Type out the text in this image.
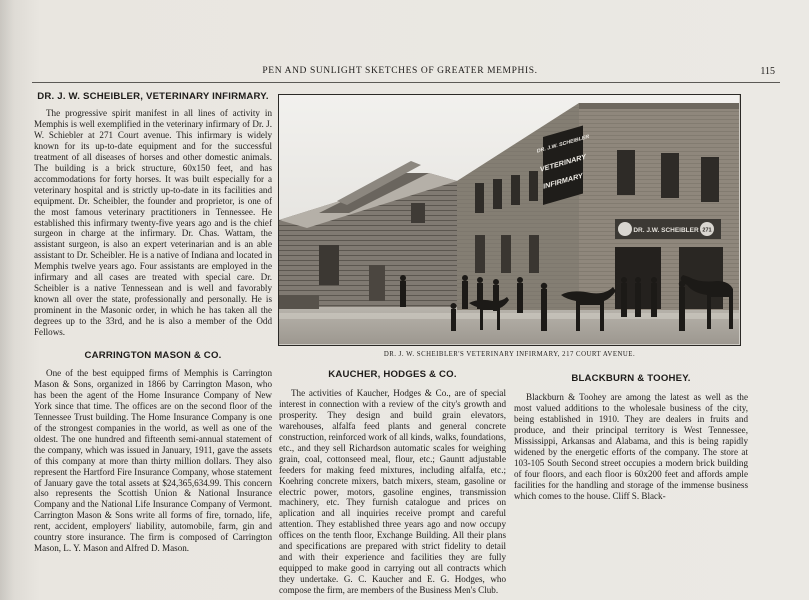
PEN AND SUNLIGHT SKETCHES OF GREATER MEMPHIS.	115
DR. J. W. SCHEIBLER, VETERINARY INFIRMARY.

The progressive spirit manifest in all lines of activity in Memphis is well exemplified in the veterinary infirmary of Dr. J. W. Schiebler at 271 Court avenue. This infirmary is widely known for its up-to-date equipment and for the successful treatment of all diseases of horses and other domestic animals. The building is a brick structure, 60x150 feet, and has accommodations for forty horses. It was built especially for a veterinary hospital and is strictly up-to-date in its facilities and equipment. Dr. Scheibler, the founder and proprietor, is one of the most famous veterinary practitioners in Tennessee. He established this infirmary twenty-five years ago and is the chief surgeon in charge at the infirmary. Dr. Chas. Wattam, the assistant surgeon, is also an expert veterinarian and is an able assistant to Dr. Scheibler. He is a native of Indiana and located in Memphis twelve years ago. Four assistants are employed in the infirmary and all cases are treated with special care. Dr. Scheibler is a native Tennessean and is well and favorably known all over the state, professionally and personally. He is prominent in the Masonic order, in which he has taken all the degrees up to the 33rd, and he is also a member of the Odd Fellows.

CARRINGTON MASON & CO.

One of the best equipped firms of Memphis is Carrington Mason & Sons, organized in 1866 by Carrington Mason, who has been the agent of the Home Insurance Company of New York since that time. The offices are on the second floor of the Tennessee Trust building. The Home Insurance Company is one of the strongest companies in the world, as well as one of the oldest. The one hundred and fifteenth semi-annual statement of the company, which was issued in January, 1911, gave the assets of this company at more than thirty million dollars. They also represent the Hartford Fire Insurance Company, whose statement of January gave the total assets at $24,365,634.99. This concern also represents the Scottish Union & National Insurance Company and the National Life Insurance Company of Vermont. Carrington Mason & Sons write all forms of fire, tornado, life, rent, accident, employers' liability, automobile, farm, gin and country store insurance. The firm is composed of Carrington Mason, L. Y. Mason and Alfred D. Mason.

DR. J.W. SCHEIBLER 271
DR. J.W. SCHEIBLER
VETERINARY
INFIRMARY
DR. J. W. SCHEIBLER'S VETERINARY INFIRMARY, 217 COURT AVENUE.
KAUCHER, HODGES & CO.

The activities of Kaucher, Hodges & Co., are of special interest in connection with a review of the city's growth and prosperity. They design and build grain elevators, warehouses, alfalfa feed plants and general concrete construction, reinforced work of all kinds, walks, foundations, etc., and they sell Richardson automatic scales for weighing grain, coal, cottonseed meal, flour, etc.; Gauntt adjustable feeders for making feed mixtures, including alfalfa, etc.; Koehring concrete mixers, batch mixers, steam, gasoline or electric power, motors, gasoline engines, transmission machinery, etc. They furnish catalogue and prices on aplication and all inquiries receive prompt and careful attention. They established three years ago and now occupy offices on the tenth floor, Exchange Building. All their plans and specifications are prepared with strict fidelity to detail and with their experience and facilities they are fully equipped to make good in carrying out all contracts which they undertake. G. C. Kaucher and E. G. Hodges, who compose the firm, are members of the Business Men's Club.

BLACKBURN & TOOHEY.

Blackburn & Toohey are among the latest as well as the most valued additions to the wholesale business of the city, being established in 1910. They are dealers in fruits and produce, and their principal territory is West Tennessee, Mississippi, Arkansas and Alabama, and this is being rapidly widened by the energetic efforts of the company. The store at 103-105 South Second street occupies a modern brick building of four floors, and each floor is 60x200 feet and affords ample facilities for the handling and storage of the immense business which comes to the house. Cliff S. Black-
